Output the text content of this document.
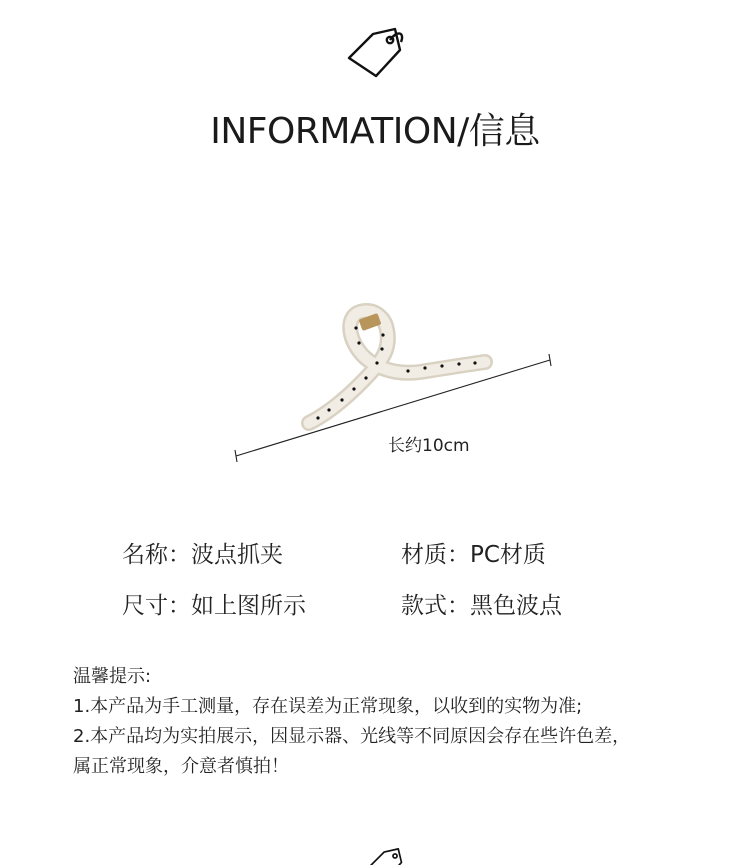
INFORMATION/信息
长约10cm
名称：波点抓夹	材质：PC材质
尺寸：如上图所示	款式：黑色波点
温馨提示:
1.本产品为手工测量，存在误差为正常现象，以收到的实物为准;
2.本产品均为实拍展示，因显示器、光线等不同原因会存在些许色差，
属正常现象，介意者慎拍！
